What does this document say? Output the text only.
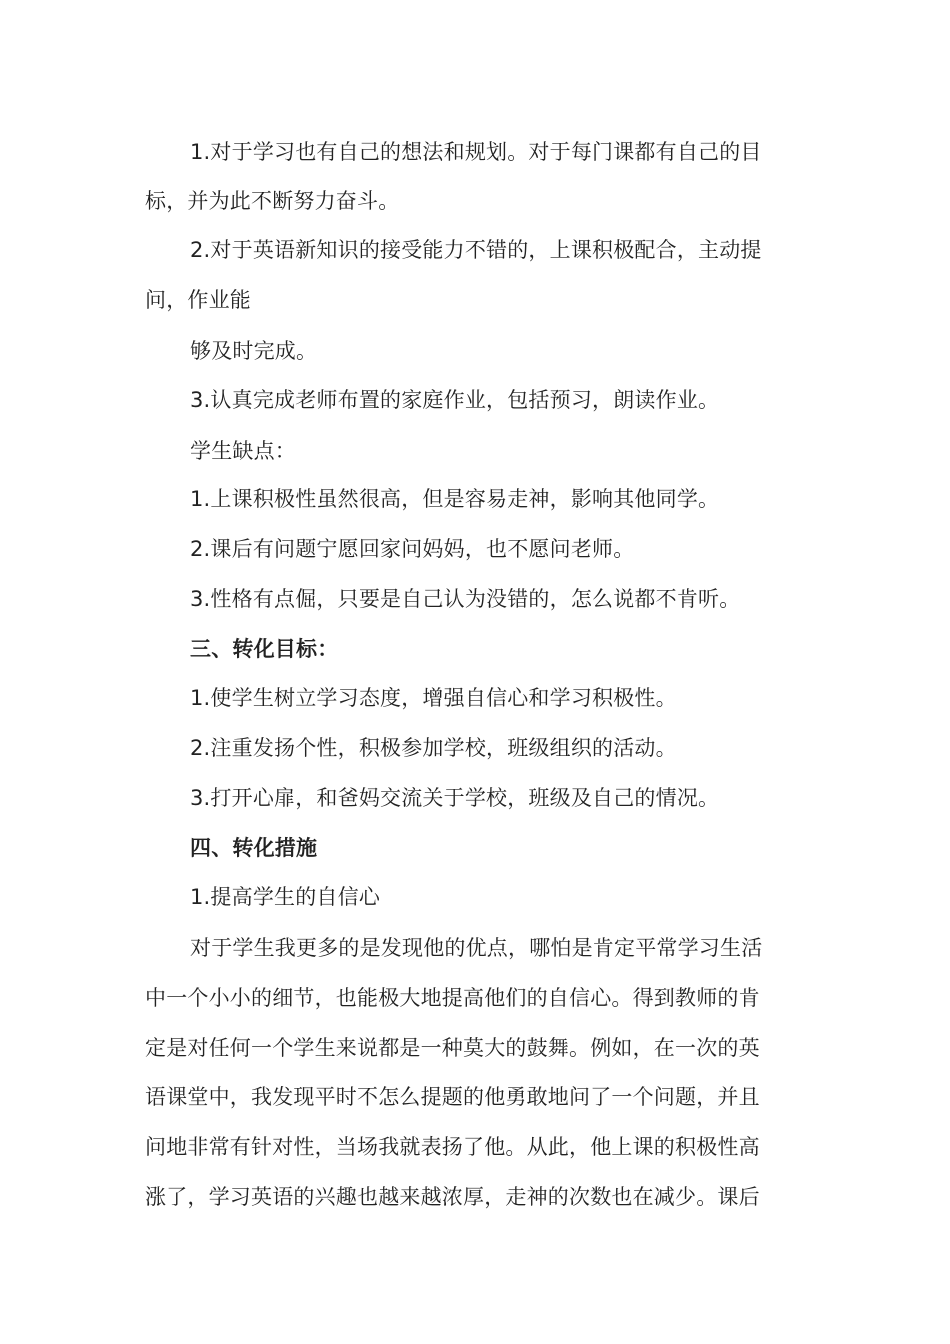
1.对于学习也有自己的想法和规划。对于每门课都有自己的目
标，并为此不断努力奋斗。
2.对于英语新知识的接受能力不错的，上课积极配合，主动提
问，作业能
够及时完成。
3.认真完成老师布置的家庭作业，包括预习，朗读作业。
学生缺点：
1.上课积极性虽然很高，但是容易走神，影响其他同学。
2.课后有问题宁愿回家问妈妈，也不愿问老师。
3.性格有点倔，只要是自己认为没错的，怎么说都不肯听。
三、转化目标：
1.使学生树立学习态度，增强自信心和学习积极性。
2.注重发扬个性，积极参加学校，班级组织的活动。
3.打开心扉，和爸妈交流关于学校，班级及自己的情况。
四、转化措施
1.提高学生的自信心
对于学生我更多的是发现他的优点，哪怕是肯定平常学习生活
中一个小小的细节，也能极大地提高他们的自信心。得到教师的肯
定是对任何一个学生来说都是一种莫大的鼓舞。例如，在一次的英
语课堂中，我发现平时不怎么提题的他勇敢地问了一个问题，并且
问地非常有针对性，当场我就表扬了他。从此，他上课的积极性高
涨了，学习英语的兴趣也越来越浓厚，走神的次数也在减少。课后
